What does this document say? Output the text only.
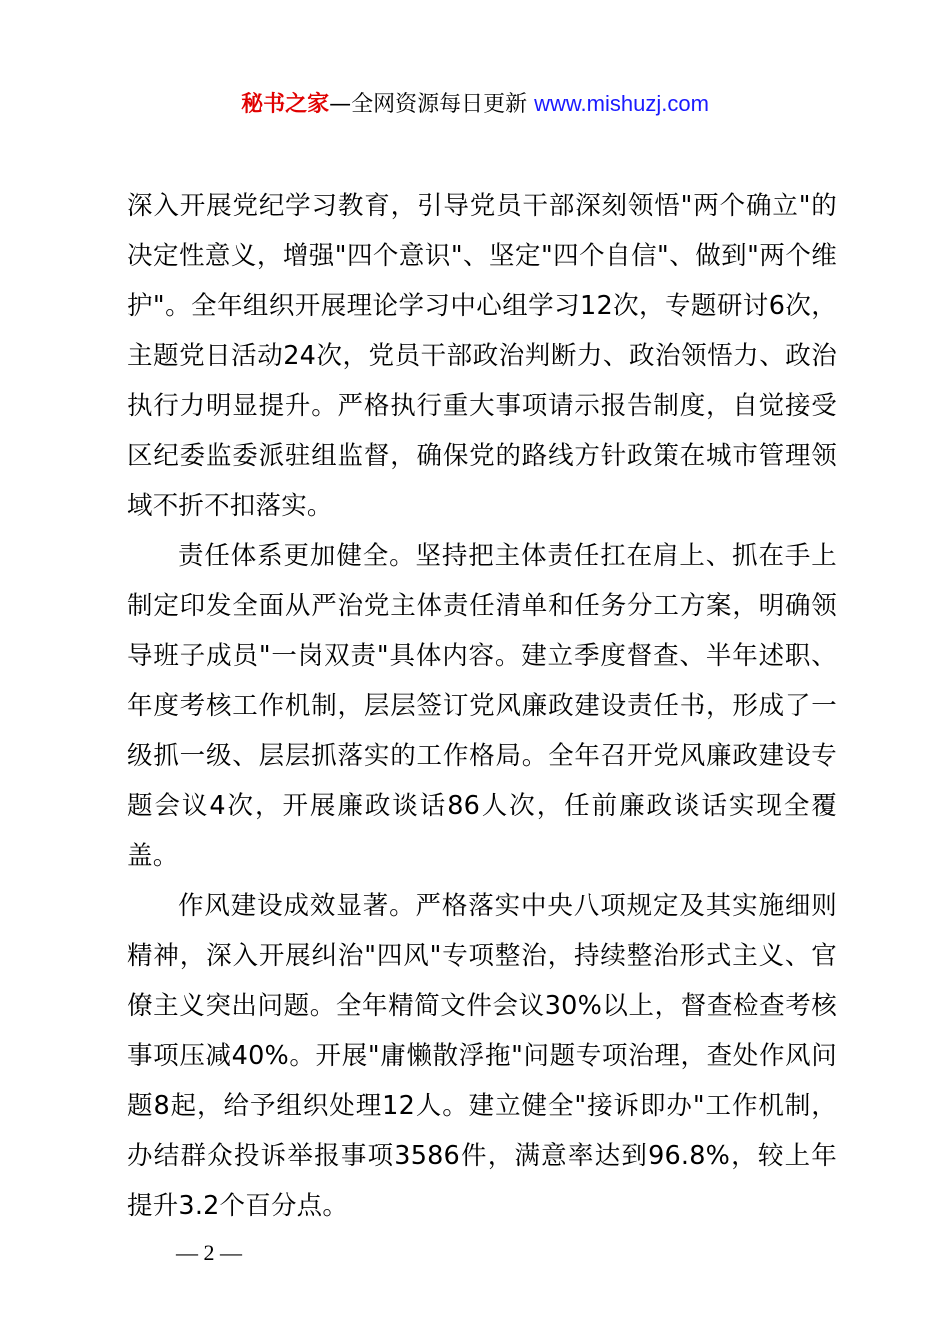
秘书之家—全网资源每日更新 www.mishuzj.com

深入开展党纪学习教育，引导党员干部深刻领悟"两个确立"的决定性意义，增强"四个意识"、坚定"四个自信"、做到"两个维护"。全年组织开展理论学习中心组学习12次，专题研讨6次，主题党日活动24次，党员干部政治判断力、政治领悟力、政治执行力明显提升。严格执行重大事项请示报告制度，自觉接受区纪委监委派驻组监督，确保党的路线方针政策在城市管理领域不折不扣落实。

责任体系更加健全。坚持把主体责任扛在肩上、抓在手上制定印发全面从严治党主体责任清单和任务分工方案，明确领导班子成员"一岗双责"具体内容。建立季度督查、半年述职、年度考核工作机制，层层签订党风廉政建设责任书，形成了一级抓一级、层层抓落实的工作格局。全年召开党风廉政建设专题会议4次，开展廉政谈话86人次，任前廉政谈话实现全覆盖。

作风建设成效显著。严格落实中央八项规定及其实施细则精神，深入开展纠治"四风"专项整治，持续整治形式主义、官僚主义突出问题。全年精简文件会议30%以上，督查检查考核事项压减40%。开展"庸懒散浮拖"问题专项治理，查处作风问题8起，给予组织处理12人。建立健全"接诉即办"工作机制，办结群众投诉举报事项3586件，满意率达到96.8%，较上年提升3.2个百分点。

— 2 —
